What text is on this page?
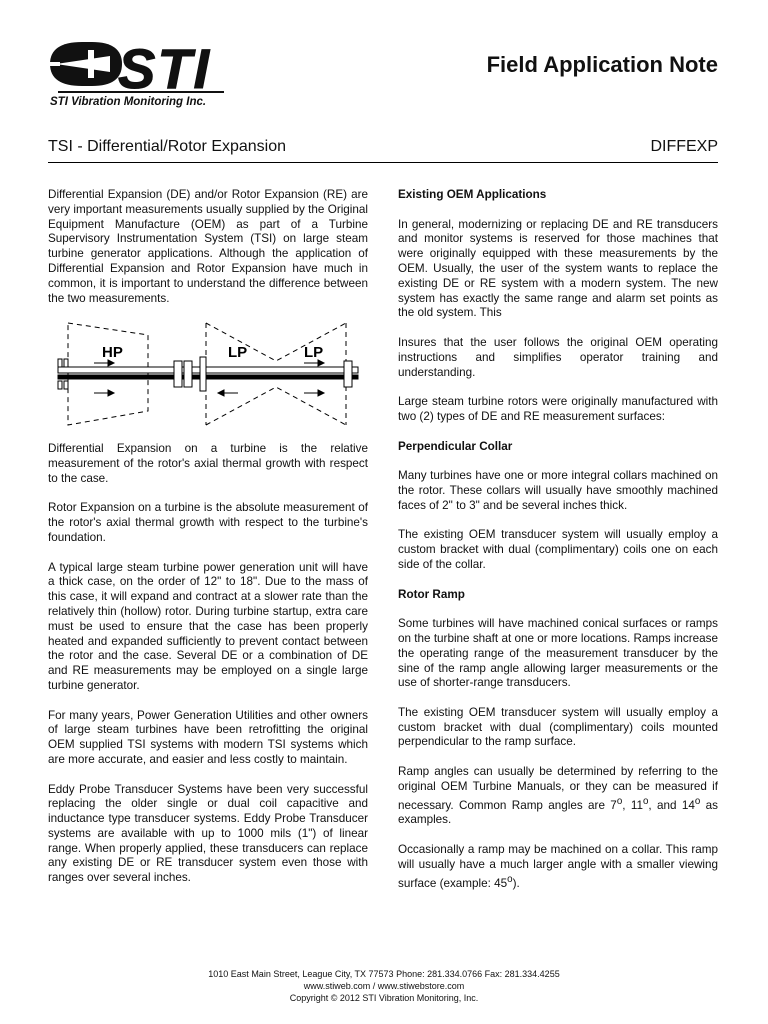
STI
STI Vibration Monitoring Inc.
Field Application Note
TSI - Differential/Rotor Expansion	DIFFEXP

Differential Expansion (DE) and/or Rotor Expansion (RE) are very important measurements usually supplied by the Original Equipment Manufacture (OEM) as part of a Turbine Supervisory Instrumentation System (TSI) on large steam turbine generator applications. Although the application of Differential Expansion and Rotor Expansion have much in common, it is important to understand the difference between the two measurements.

HP	LP	LP

Differential Expansion on a turbine is the relative measurement of the rotor's axial thermal growth with respect to the case.

Rotor Expansion on a turbine is the absolute measurement of the rotor's axial thermal growth with respect to the turbine's foundation.

A typical large steam turbine power generation unit will have a thick case, on the order of 12" to 18". Due to the mass of this case, it will expand and contract at a slower rate than the relatively thin (hollow) rotor. During turbine startup, extra care must be used to ensure that the case has been properly heated and expanded sufficiently to prevent contact between the rotor and the case. Several DE or a combination of DE and RE measurements may be employed on a single large turbine generator.

For many years, Power Generation Utilities and other owners of large steam turbines have been retrofitting the original OEM supplied TSI systems with modern TSI systems which are more accurate, and easier and less costly to maintain.

Eddy Probe Transducer Systems have been very successful replacing the older single or dual coil capacitive and inductance type transducer systems. Eddy Probe Transducer systems are available with up to 1000 mils (1") of linear range. When properly applied, these transducers can replace any existing DE or RE transducer system even those with ranges over several inches.

Existing OEM Applications

In general, modernizing or replacing DE and RE transducers and monitor systems is reserved for those machines that were originally equipped with these measurements by the OEM. Usually, the user of the system wants to replace the existing DE or RE system with a modern system. The new system has exactly the same range and alarm set points as the old system. This

Insures that the user follows the original OEM operating instructions and simplifies operator training and understanding.

Large steam turbine rotors were originally manufactured with two (2) types of DE and RE measurement surfaces:

Perpendicular Collar

Many turbines have one or more integral collars machined on the rotor. These collars will usually have smoothly machined faces of 2" to 3" and be several inches thick.

The existing OEM transducer system will usually employ a custom bracket with dual (complimentary) coils one on each side of the collar.

Rotor Ramp

Some turbines will have machined conical surfaces or ramps on the turbine shaft at one or more locations. Ramps increase the operating range of the measurement transducer by the sine of the ramp angle allowing larger measurements or the use of shorter-range transducers.

The existing OEM transducer system will usually employ a custom bracket with dual (complimentary) coils mounted perpendicular to the ramp surface.

Ramp angles can usually be determined by referring to the original OEM Turbine Manuals, or they can be measured if necessary. Common Ramp angles are 7$^o$, 11$^o$, and 14$^o$ as examples.

Occasionally a ramp may be machined on a collar. This ramp will usually have a much larger angle with a smaller viewing surface (example: 45$^o$).

1010 East Main Street, League City, TX 77573 Phone: 281.334.0766 Fax: 281.334.4255
www.stiweb.com / www.stiwebstore.com
Copyright © 2012 STI Vibration Monitoring, Inc.
